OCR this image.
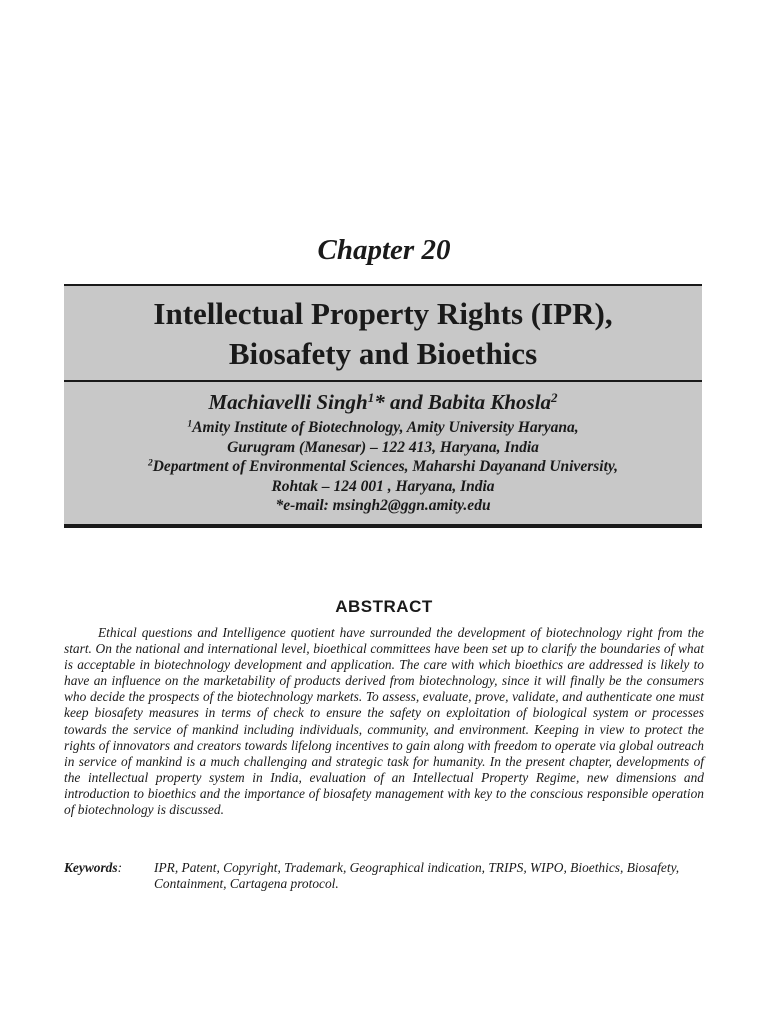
Chapter 20
Intellectual Property Rights (IPR),
Biosafety and Bioethics
Machiavelli Singh$^1$* and Babita Khosla$^2$
$^1$Amity Institute of Biotechnology, Amity University Haryana,
Gurugram (Manesar) – 122 413, Haryana, India
$^2$Department of Environmental Sciences, Maharshi Dayanand University,
Rohtak – 124 001 , Haryana, India
*e-mail: msingh2@ggn.amity.edu
ABSTRACT
Ethical questions and Intelligence quotient have surrounded the development of biotechnology right from the start. On the national and international level, bioethical committees have been set up to clarify the boundaries of what is acceptable in biotechnology development and application. The care with which bioethics are addressed is likely to have an influence on the marketability of products derived from biotechnology, since it will finally be the consumers who decide the prospects of the biotechnology markets. To assess, evaluate, prove, validate, and authenticate one must keep biosafety measures in terms of check to ensure the safety on exploitation of biological system or processes towards the service of mankind including individuals, community, and environment. Keeping in view to protect the rights of innovators and creators towards lifelong incentives to gain along with freedom to operate via global outreach in service of mankind is a much challenging and strategic task for humanity. In the present chapter, developments of the intellectual property system in India, evaluation of an Intellectual Property Regime, new dimensions and introduction to bioethics and the importance of biosafety management with key to the conscious responsible operation of biotechnology is discussed.
Keywords:	IPR, Patent, Copyright, Trademark, Geographical indication, TRIPS, WIPO, Bioethics, Biosafety, Containment, Cartagena protocol.
